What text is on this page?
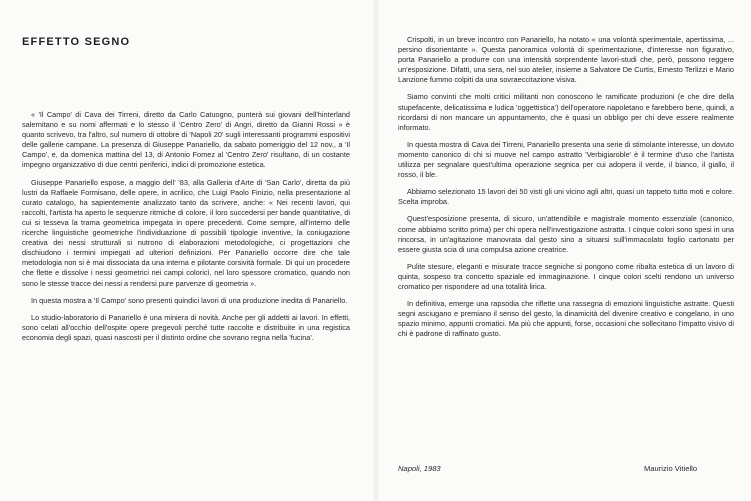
EFFETTO SEGNO

« 'Il Campo' di Cava dei Tirreni, diretto da Carlo Catuogno, punterà sui giovani dell'hinterland salernitano e su nomi affermati e lo stesso il 'Centro Zero' di Angri, diretto da Gianni Rossi » è quanto scrivevo, tra l'altro, sul numero di ottobre di 'Napoli 20' sugli interessanti programmi espositivi delle gallerie campane. La presenza di Giuseppe Panariello, da sabato pomeriggio del 12 nov., a 'Il Campo', e, da domenica mattina del 13, di Antonio Fomez al 'Centro Zero' risultano, di un costante impegno organizzativo di due centri periferici, indici di promozione estetica.

Giuseppe Panariello espose, a maggio dell' '83, alla Galleria d'Arte di 'San Carlo', diretta da più lustri da Raffaele Formisano, delle opere, in acrilico, che Luigi Paolo Finizio, nella presentazione al curato catalogo, ha sapientemente analizzato tanto da scrivere, anche: « Nei recenti lavori, qui raccolti, l'artista ha aperto le sequenze ritmiche di colore, il loro succedersi per bande quantitative, di cui si tesseva la trama geometrica impegata in opere precedenti. Come sempre, all'interno delle ricerche linguistiche geometriche l'individuazione di possibili tipologie inventive, la coniugazione creativa dei nessi strutturali si nutrono di elaborazioni metodologiche, ci progettazioni che dischiudono i termini impiegati ad ulteriori definizioni. Per Panariello occorre dire che tale metodologia non si è mai dissociata da una interna e pilotante corsività formale. Di qui un procedere che flette e dissolve i nessi geometrici nei campi coloricì, nel loro spessore cromatico, quando non sono le stesse tracce dei nessi a rendersi pure parvenze di geometria ».

In questa mostra a 'Il Campo' sono presenti quindici lavori di una produzione inedita di Panariello.

Lo studio-laboratorio di Panariello è una miniera di novità. Anche per gli addetti ai lavori. In effetti, sono celati all'occhio dell'ospite opere pregevoli perché tutte raccolte e distribuite in una registica economia degli spazi, quasi nascosti per il distinto ordine che sovrano regna nella 'fucina'.

Crispolti, in un breve incontro con Panariello, ha notato « una volontà sperimentale, apertissima, ... persino disorientante ». Questa panoramica volontà di sperimentazione, d'interesse non figurativo, porta Panariello a produrre con una intensità sorprendente lavori-studi che, però, possono reggere un'esposizione. Difatti, una sera, nel suo atelier, insieme a Salvatore De Curtis, Ernesto Terlizzi e Mario Lanzione fummo colpiti da una sovraeccitazione visiva.

Siamo convinti che molti critici militanti non conoscono le ramificate produzioni (e che dire della stupefacente, delicatissima e ludica 'oggettistica') dell'operatore napoletano e farebbero bene, quindi, a ricordarsi di non mancare un appuntamento, che è quasi un obbligo per chi deve essere realmente informato.

In questa mostra di Cava dei Tirreni, Panariello presenta una serie di stimolante interesse, un dovuto momento canonico di chi si muove nel campo astratto 'Verbigiaroble' è il termine d'uso che l'artista utilizza per segnalare quest'ultima operazione segnica per cui adopera il verde, il bianco, il giallo, il rosso, il ble.

Abbiamo selezionato 15 lavori dei 50 visti gli uni vicino agli altri, quasi un tappeto tutto moti e colore. Scelta improba.

Quest'esposizione presenta, di sicuro, un'attendibile e magistrale momento essenziale (canonico, come abbiamo scritto prima) per chi opera nell'investigazione astratta. I cinque colori sono spesi in una rincorsa, in un'agitazione manovrata dal gesto sino a situarsi sull'immacolato foglio cartonato per essere giusta sciа di una compulsa azione creatrice.

Pulite stesure, eleganti e misurate tracce segniche si pongono come ribalta estetica di un lavoro di quinta, sospeso tra concetto spaziale ed immaginazione. I cinque colori scelti rendono un universo cromatico per rispondere ad una totalità lirica.

In definitiva, emerge una rapsodia che riflette una rassegna di emozioni linguistiche astratte. Questi segni asciugano e premiano il senso del gesto, la dinamicità del divenire creativo e congelano, in uno spazio minimo, appunti cromatici. Ma più che appunti, forse, occasioni che sollecitano l'impatto visivo di chi è padrone di raffinato gusto.

Napoli, 1983	Maurizio Vitiello
